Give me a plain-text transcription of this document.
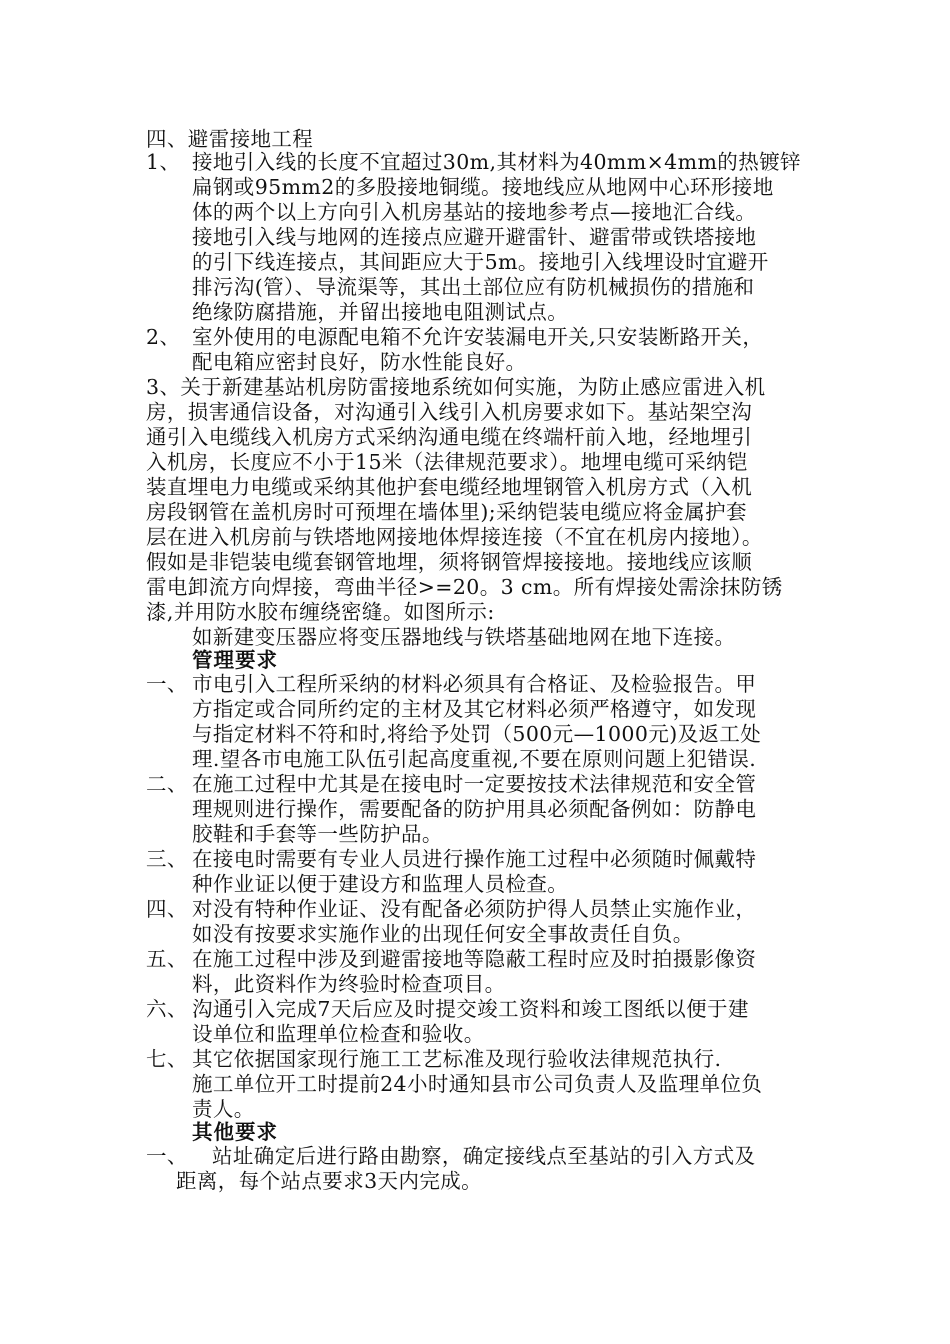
四、避雷接地工程
1、 接地引入线的长度不宜超过30m,其材料为40mm×4mm的热镀锌
扁钢或95mm2的多股接地铜缆。接地线应从地网中心环形接地
体的两个以上方向引入机房基站的接地参考点—接地汇合线。
接地引入线与地网的连接点应避开避雷针、避雷带或铁塔接地
的引下线连接点，其间距应大于5m。接地引入线埋设时宜避开
排污沟(管）、导流渠等，其出土部位应有防机械损伤的措施和
绝缘防腐措施，并留出接地电阻测试点。
2、 室外使用的电源配电箱不允许安装漏电开关,只安装断路开关，
配电箱应密封良好，防水性能良好。
3、关于新建基站机房防雷接地系统如何实施，为防止感应雷进入机
房，损害通信设备，对沟通引入线引入机房要求如下。基站架空沟
通引入电缆线入机房方式采纳沟通电缆在终端杆前入地，经地埋引
入机房，长度应不小于15米（法律规范要求）。地埋电缆可采纳铠
装直埋电力电缆或采纳其他护套电缆经地埋钢管入机房方式（入机
房段钢管在盖机房时可预埋在墙体里);采纳铠装电缆应将金属护套
层在进入机房前与铁塔地网接地体焊接连接（不宜在机房内接地）。
假如是非铠装电缆套钢管地埋，须将钢管焊接接地。接地线应该顺
雷电卸流方向焊接，弯曲半径>=20。3 cm。所有焊接处需涂抹防锈
漆,并用防水胶布缠绕密缝。如图所示:
如新建变压器应将变压器地线与铁塔基础地网在地下连接。
管理要求
一、 市电引入工程所采纳的材料必须具有合格证、及检验报告。甲
方指定或合同所约定的主材及其它材料必须严格遵守，如发现
与指定材料不符和时,将给予处罚（500元—1000元)及返工处
理.望各市电施工队伍引起高度重视,不要在原则问题上犯错误.
二、 在施工过程中尤其是在接电时一定要按技术法律规范和安全管
理规则进行操作，需要配备的防护用具必须配备例如：防静电
胶鞋和手套等一些防护品。
三、 在接电时需要有专业人员进行操作施工过程中必须随时佩戴特
种作业证以便于建设方和监理人员检查。
四、 对没有特种作业证、没有配备必须防护得人员禁止实施作业，
如没有按要求实施作业的出现任何安全事故责任自负。
五、 在施工过程中涉及到避雷接地等隐蔽工程时应及时拍摄影像资
料，此资料作为终验时检查项目。
六、 沟通引入完成7天后应及时提交竣工资料和竣工图纸以便于建
设单位和监理单位检查和验收。
七、 其它依据国家现行施工工艺标准及现行验收法律规范执行.
施工单位开工时提前24小时通知县市公司负责人及监理单位负
责人。
其他要求
一、 站址确定后进行路由勘察，确定接线点至基站的引入方式及
距离，每个站点要求3天内完成。
